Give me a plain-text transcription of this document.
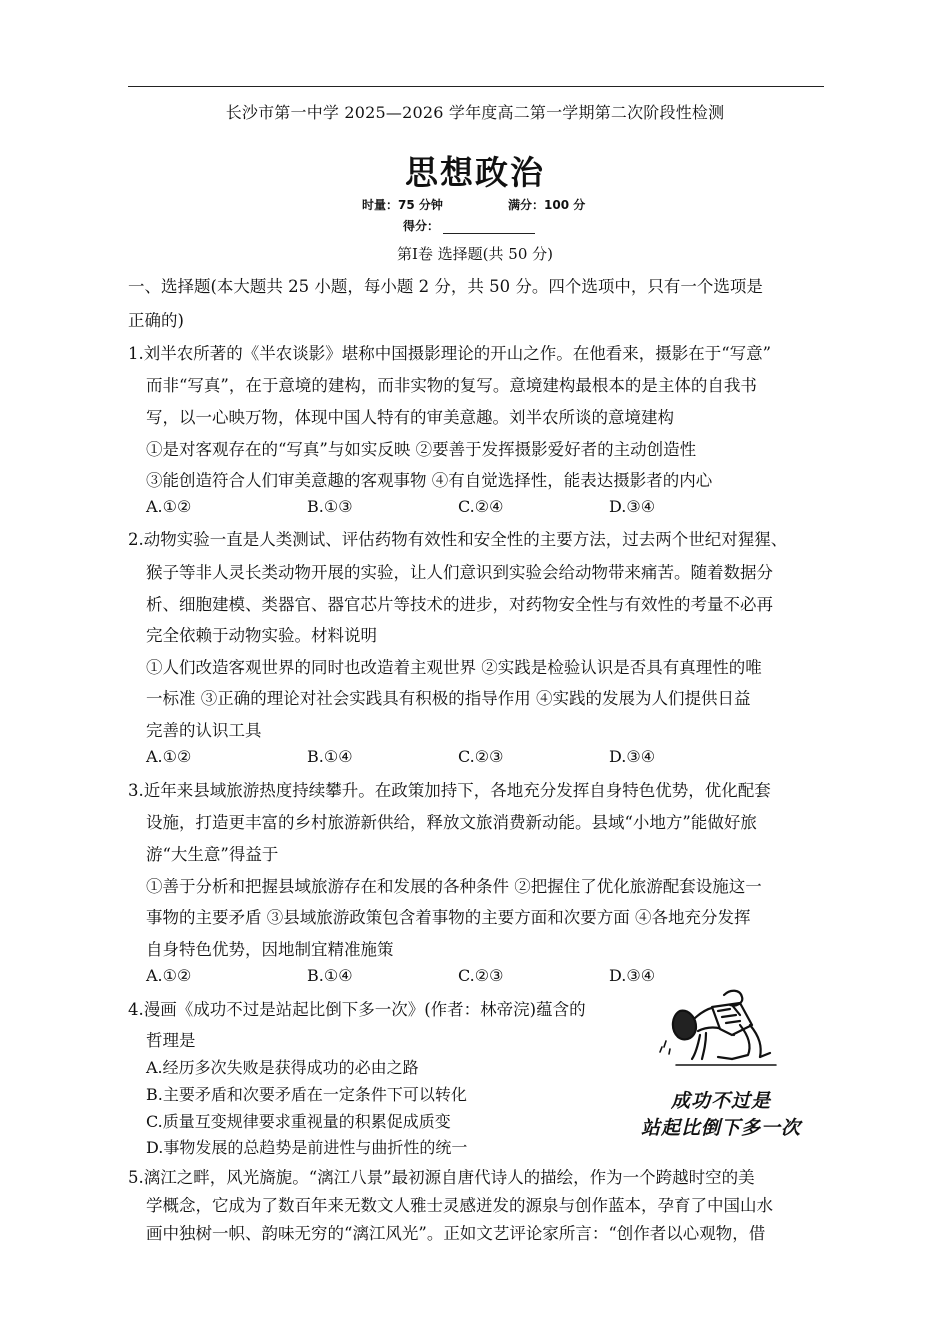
长沙市第一中学 2025—2026 学年度高二第一学期第二次阶段性检测
思想政治
时量：75 分钟	满分：100 分
得分：
第Ⅰ卷 选择题(共 50 分)
一、选择题(本大题共 25 小题，每小题 2 分，共 50 分。四个选项中，只有一个选项是
正确的)
1.刘半农所著的《半农谈影》堪称中国摄影理论的开山之作。在他看来，摄影在于“写意”
而非“写真”，在于意境的建构，而非实物的复写。意境建构最根本的是主体的自我书
写，以一心映万物，体现中国人特有的审美意趣。刘半农所谈的意境建构
①是对客观存在的“写真”与如实反映 ②要善于发挥摄影爱好者的主动创造性
③能创造符合人们审美意趣的客观事物 ④有自觉选择性，能表达摄影者的内心
A.①②	B.①③	C.②④	D.③④
2.动物实验一直是人类测试、评估药物有效性和安全性的主要方法，过去两个世纪对猩猩、
猴子等非人灵长类动物开展的实验，让人们意识到实验会给动物带来痛苦。随着数据分
析、细胞建模、类器官、器官芯片等技术的进步，对药物安全性与有效性的考量不必再
完全依赖于动物实验。材料说明
①人们改造客观世界的同时也改造着主观世界 ②实践是检验认识是否具有真理性的唯
一标准 ③正确的理论对社会实践具有积极的指导作用 ④实践的发展为人们提供日益
完善的认识工具
A.①②	B.①④	C.②③	D.③④
3.近年来县域旅游热度持续攀升。在政策加持下，各地充分发挥自身特色优势，优化配套
设施，打造更丰富的乡村旅游新供给，释放文旅消费新动能。县域“小地方”能做好旅
游“大生意”得益于
①善于分析和把握县域旅游存在和发展的各种条件 ②把握住了优化旅游配套设施这一
事物的主要矛盾 ③县域旅游政策包含着事物的主要方面和次要方面 ④各地充分发挥
自身特色优势，因地制宜精准施策
A.①②	B.①④	C.②③	D.③④
4.漫画《成功不过是站起比倒下多一次》(作者：林帝浣)蕴含的
哲理是
A.经历多次失败是获得成功的必由之路
B.主要矛盾和次要矛盾在一定条件下可以转化
C.质量互变规律要求重视量的积累促成质变
D.事物发展的总趋势是前进性与曲折性的统一
成功不过是
站起比倒下多一次
5.漓江之畔，风光旖旎。“漓江八景”最初源自唐代诗人的描绘，作为一个跨越时空的美
学概念，它成为了数百年来无数文人雅士灵感迸发的源泉与创作蓝本，孕育了中国山水
画中独树一帜、韵味无穷的“漓江风光”。正如文艺评论家所言：“创作者以心观物，借
